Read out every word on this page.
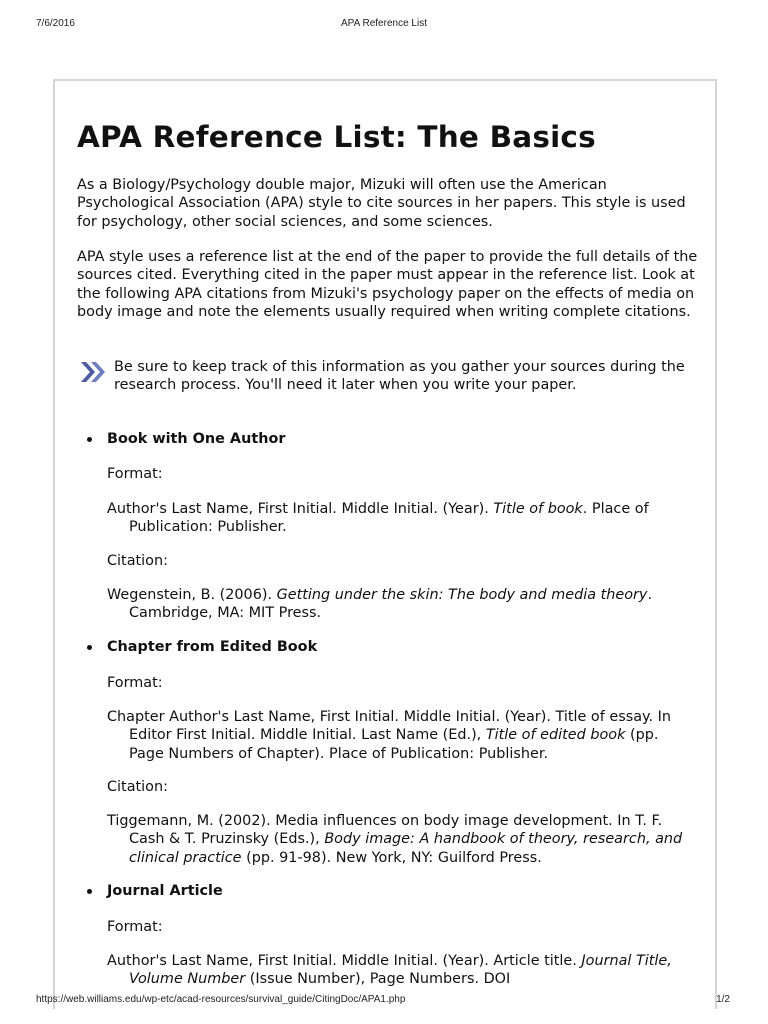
7/6/2016	APA Reference List
APA Reference List: The Basics

As a Biology/Psychology double major, Mizuki will often use the American Psychological Association (APA) style to cite sources in her papers. This style is used for psychology, other social sciences, and some sciences.

APA style uses a reference list at the end of the paper to provide the full details of the sources cited. Everything cited in the paper must appear in the reference list. Look at the following APA citations from Mizuki's psychology paper on the effects of media on body image and note the elements usually required when writing complete citations.

Be sure to keep track of this information as you gather your sources during the research process. You'll need it later when you write your paper.
Book with One Author
Format:
Author's Last Name, First Initial. Middle Initial. (Year). Title of book. Place of Publication: Publisher.
Citation:
Wegenstein, B. (2006). Getting under the skin: The body and media theory. Cambridge, MA: MIT Press.
Chapter from Edited Book
Format:
Chapter Author's Last Name, First Initial. Middle Initial. (Year). Title of essay. In Editor First Initial. Middle Initial. Last Name (Ed.), Title of edited book (pp. Page Numbers of Chapter). Place of Publication: Publisher.
Citation:
Tiggemann, M. (2002). Media influences on body image development. In T. F. Cash & T. Pruzinsky (Eds.), Body image: A handbook of theory, research, and clinical practice (pp. 91-98). New York, NY: Guilford Press.
Journal Article
Format:
Author's Last Name, First Initial. Middle Initial. (Year). Article title. Journal Title, Volume Number (Issue Number), Page Numbers. DOI
https://web.williams.edu/wp-etc/acad-resources/survival_guide/CitingDoc/APA1.php	1/2
